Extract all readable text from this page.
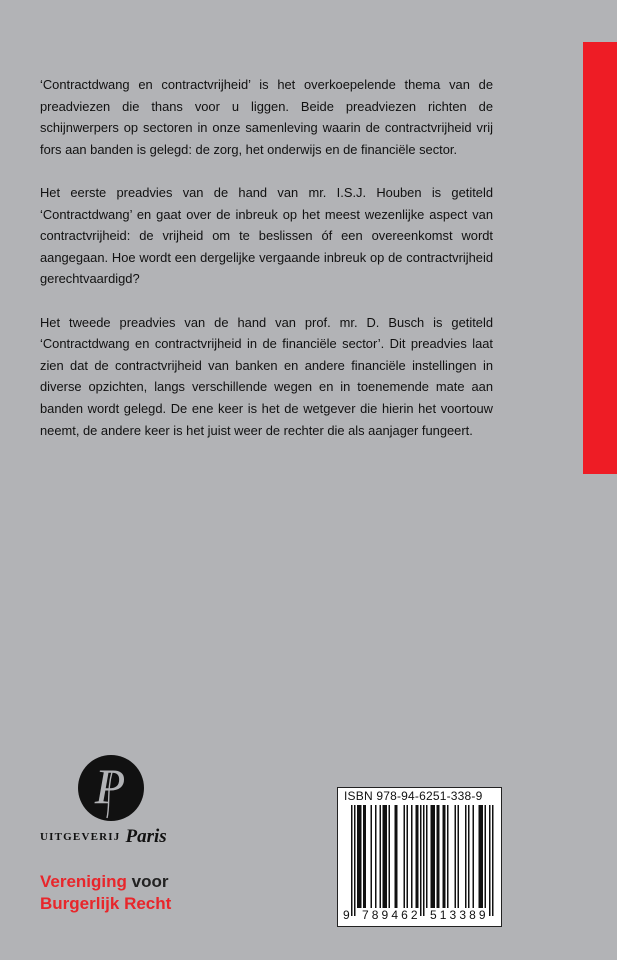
‘Contractdwang en contractvrijheid’ is het overkoepelende thema van de preadviezen die thans voor u liggen. Beide preadviezen richten de schijnwerpers op sectoren in onze samenleving waarin de contractvrijheid vrij fors aan banden is gelegd: de zorg, het onderwijs en de financiële sector.

Het eerste preadvies van de hand van mr. I.S.J. Houben is getiteld ‘Contractdwang’ en gaat over de inbreuk op het meest wezenlijke aspect van contractvrijheid: de vrijheid om te beslissen óf een overeenkomst wordt aangegaan. Hoe wordt een dergelijke vergaande inbreuk op de contractvrijheid gerechtvaardigd?

Het tweede preadvies van de hand van prof. mr. D. Busch is getiteld ‘Contractdwang en contractvrijheid in de financiële sector’. Dit preadvies laat zien dat de contractvrijheid van banken en andere financiële instellingen in diverse opzichten, langs verschillende wegen en in toenemende mate aan banden wordt gelegd. De ene keer is het de wetgever die hierin het voortouw neemt, de andere keer is het juist weer de rechter die als aanjager fungeert.

P
UITGEVERIJ Paris
Vereniging voor
Burgerlijk Recht
ISBN 978-94-6251-338-9
9 789462 513389
